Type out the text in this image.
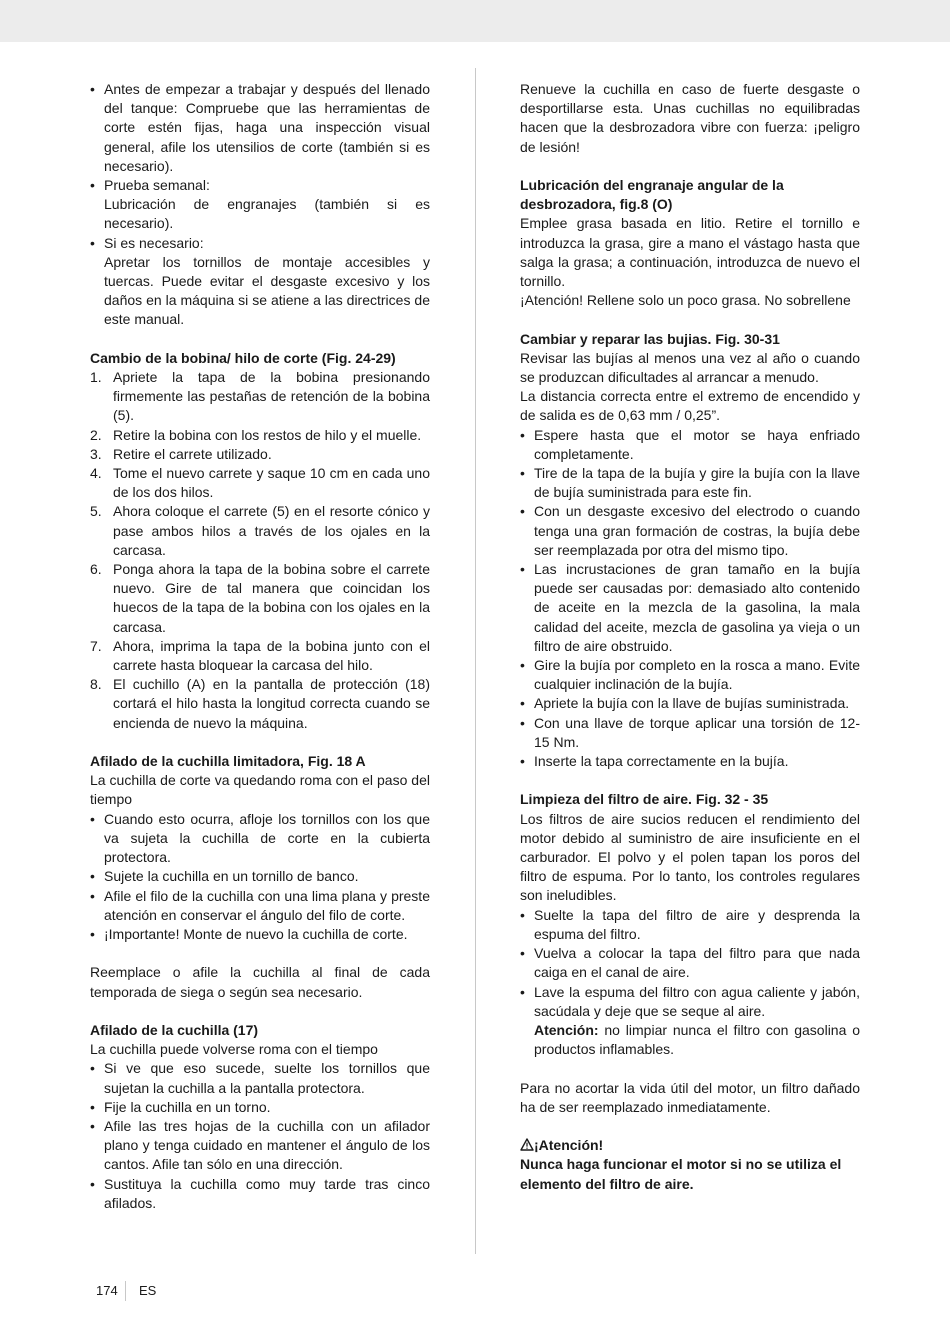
• Antes de empezar a trabajar y después del llenado del tanque: Compruebe que las herramientas de corte estén fijas, haga una inspección visual general, afile los utensilios de corte (también si es necesario).
• Prueba semanal:
Lubricación de engranajes (también si es necesario).
• Si es necesario:
Apretar los tornillos de montaje accesibles y tuercas. Puede evitar el desgaste excesivo y los daños en la máquina si se atiene a las directrices de este manual.
Cambio de la bobina/ hilo de corte (Fig. 24-29)
1. Apriete la tapa de la bobina presionando firmemente las pestañas de retención de la bobina (5).
2. Retire la bobina con los restos de hilo y el muelle.
3. Retire el carrete utilizado.
4. Tome el nuevo carrete y saque 10 cm en cada uno de los dos hilos.
5. Ahora coloque el carrete (5) en el resorte cónico y pase ambos hilos a través de los ojales en la carcasa.
6. Ponga ahora la tapa de la bobina sobre el carrete nuevo. Gire de tal manera que coincidan los huecos de la tapa de la bobina con los ojales en la carcasa.
7. Ahora, imprima la tapa de la bobina junto con el carrete hasta bloquear la carcasa del hilo.
8. El cuchillo (A) en la pantalla de protección (18) cortará el hilo hasta la longitud correcta cuando se encienda de nuevo la máquina.
Afilado de la cuchilla limitadora, Fig. 18 A

La cuchilla de corte va quedando roma con el paso del tiempo

• Cuando esto ocurra, afloje los tornillos con los que va sujeta la cuchilla de corte en la cubierta protectora.
• Sujete la cuchilla en un tornillo de banco.
• Afile el filo de la cuchilla con una lima plana y preste atención en conservar el ángulo del filo de corte.
• ¡Importante! Monte de nuevo la cuchilla de corte.

Reemplace o afile la cuchilla al final de cada temporada de siega o según sea necesario.

Afilado de la cuchilla (17)

La cuchilla puede volverse roma con el tiempo

• Si ve que eso sucede, suelte los tornillos que sujetan la cuchilla a la pantalla protectora.
• Fije la cuchilla en un torno.
• Afile las tres hojas de la cuchilla con un afilador plano y tenga cuidado en mantener el ángulo de los cantos. Afile tan sólo en una dirección.
• Sustituya la cuchilla como muy tarde tras cinco afilados.

Renueve la cuchilla en caso de fuerte desgaste o desportillarse esta. Unas cuchillas no equilibradas hacen que la desbrozadora vibre con fuerza: ¡peligro de lesión!

Lubricación del engranaje angular de la desbrozadora, fig.8 (O)

Emplee grasa basada en litio. Retire el tornillo e introduzca la grasa, gire a mano el vástago hasta que salga la grasa; a continuación, introduzca de nuevo el tornillo.

¡Atención! Rellene solo un poco grasa. No sobrellene

Cambiar y reparar las bujias. Fig. 30-31

Revisar las bujías al menos una vez al año o cuando se produzcan dificultades al arrancar a menudo.

La distancia correcta entre el extremo de encendido y de salida es de 0,63 mm / 0,25”.

• Espere hasta que el motor se haya enfriado completamente.
• Tire de la tapa de la bujía y gire la bujía con la llave de bujía suministrada para este fin.
• Con un desgaste excesivo del electrodo o cuando tenga una gran formación de costras, la bujía debe ser reemplazada por otra del mismo tipo.
• Las incrustaciones de gran tamaño en la bujía puede ser causadas por: demasiado alto contenido de aceite en la mezcla de la gasolina, la mala calidad del aceite, mezcla de gasolina ya vieja o un filtro de aire obstruido.
• Gire la bujía por completo en la rosca a mano. Evite cualquier inclinación de la bujía.
• Apriete la bujía con la llave de bujías suministrada.
• Con una llave de torque aplicar una torsión de 12-15 Nm.
• Inserte la tapa correctamente en la bujía.
Limpieza del filtro de aire. Fig. 32 - 35

Los filtros de aire sucios reducen el rendimiento del motor debido al suministro de aire insuficiente en el carburador. El polvo y el polen tapan los poros del filtro de espuma. Por lo tanto, los controles regulares son ineludibles.

• Suelte la tapa del filtro de aire y desprenda la espuma del filtro.
• Vuelva a colocar la tapa del filtro para que nada caiga en el canal de aire.
• Lave la espuma del filtro con agua caliente y jabón, sacúdala y deje que se seque al aire.
Atención: no limpiar nunca el filtro con gasolina o productos inflamables.

Para no acortar la vida útil del motor, un filtro dañado ha de ser reemplazado inmediatamente.

¡Atención!
Nunca haga funcionar el motor si no se utiliza el elemento del filtro de aire.
174 ES
